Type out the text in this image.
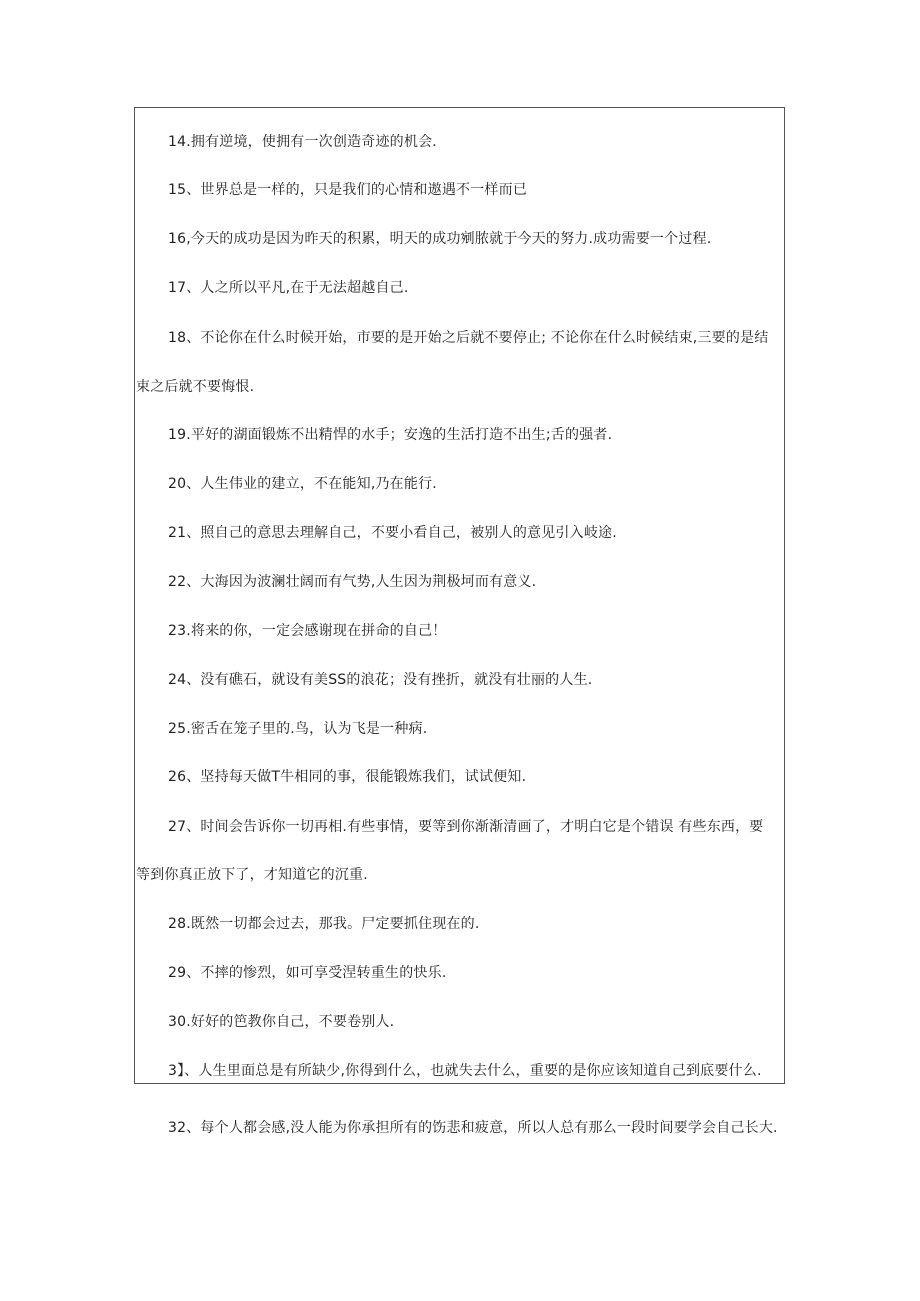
14.拥有逆境，使拥有一次创造奇迹的机会.
15、世界总是一样的，只是我们的心情和遨遇不一样而已
16,今天的成功是因为昨天的积累，明天的成功剜脓就于今天的努力.成功需要一个过程.
17、人之所以平凡,在于无法超越自己.
18、不论你在什么时候开始，市要的是开始之后就不要停止; 不论你在什么时候结束,三要的是结
束之后就不要悔恨.
19.平好的湖面锻炼不出精悍的水手；安逸的生活打造不出生;舌的强者.
20、人生伟业的建立，不在能知,乃在能行.
21、照自己的意思去理解自己，不要小看自己，被别人的意见引入岐途.
22、大海因为波澜壮阔而有气势,人生因为荆极坷而有意义.
23.将来的你，一定会感谢现在拼命的自己！
24、没有礁石，就设有美SS的浪花；没有挫折，就没有壮丽的人生.
25.密舌在笼子里的.鸟，认为飞是一种病.
26、坚持每天做T牛相同的事，很能锻炼我们，试试便知.
27、时间会告诉你一切再相.有些事情，要等到你渐渐清画了，才明白它是个错误 有些东西，要
等到你真正放下了，才知道它的沉重.
28.既然一切都会过去，那我。尸定要抓住现在的.
29、不摔的惨烈，如可享受涅转重生的快乐.
30.好好的笆教你自己，不要卷别人.
3】、人生里面总是有所缺少,你得到什么，也就失去什么，重要的是你应该知道自己到底要什么.
32、每个人都会感,没人能为你承担所有的饬悲和疲意，所以人总有那么一段时间要学会自己长大.
